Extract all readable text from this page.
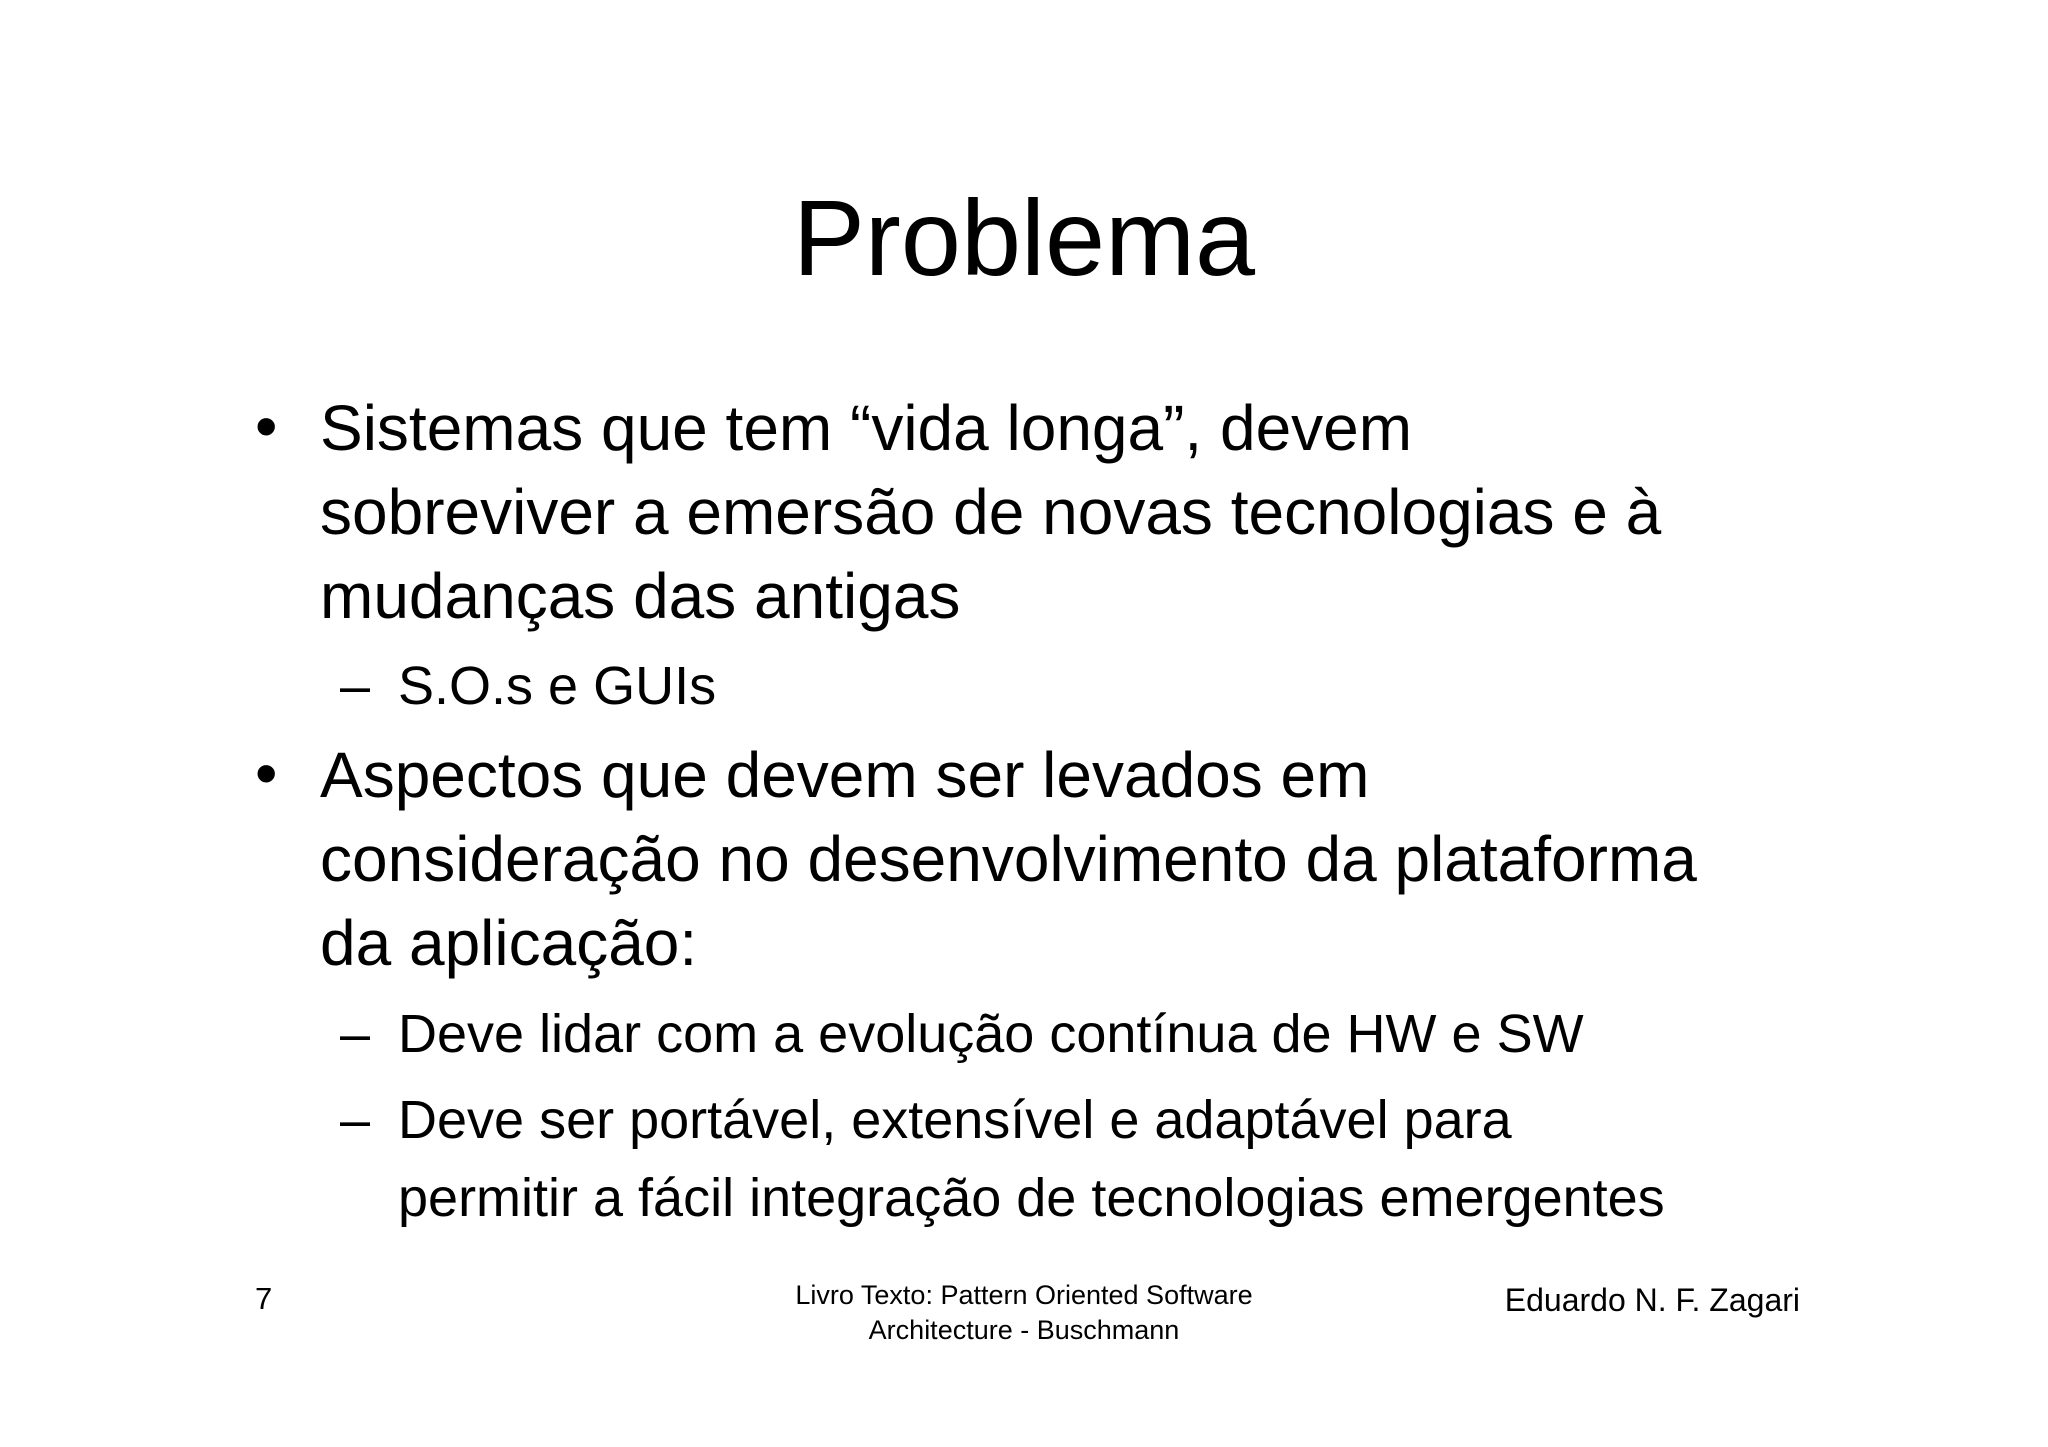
Problema
• Sistemas que tem “vida longa”, devem
sobreviver a emersão de novas tecnologias e à
mudanças das antigas
– S.O.s e GUIs
• Aspectos que devem ser levados em
consideração no desenvolvimento da plataforma
da aplicação:
– Deve lidar com a evolução contínua de HW e SW
– Deve ser portável, extensível e adaptável para
permitir a fácil integração de tecnologias emergentes
7	Livro Texto: Pattern Oriented Software
Architecture - Buschmann
Eduardo N. F. Zagari
